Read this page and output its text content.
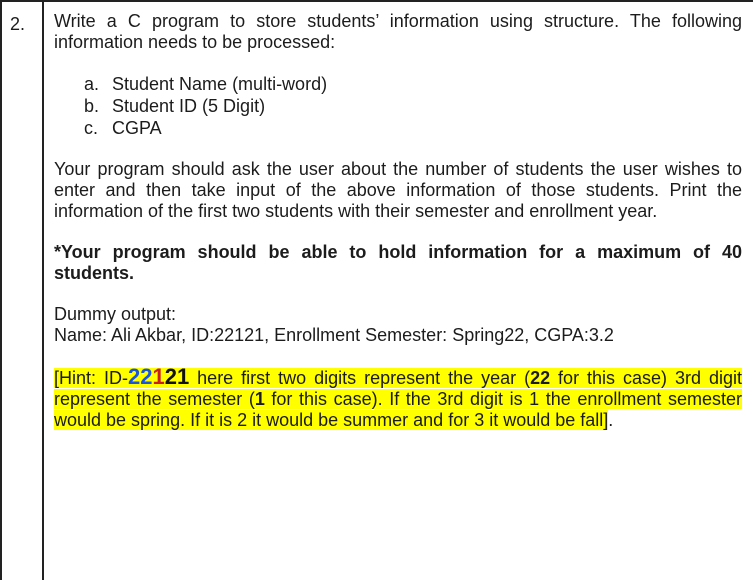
2. Write a C program to store students’ information using structure. The following information needs to be processed:

a. Student Name (multi-word)
b. Student ID (5 Digit)
c. CGPA

Your program should ask the user about the number of students the user wishes to enter and then take input of the above information of those students. Print the information of the first two students with their semester and enrollment year.

*Your program should be able to hold information for a maximum of 40 students.

Dummy output:

Name: Ali Akbar, ID:22121, Enrollment Semester: Spring22, CGPA:3.2

[Hint: ID-22121 here first two digits represent the year (22 for this case) 3rd digit represent the semester (1 for this case). If the 3rd digit is 1 the enrollment semester would be spring. If it is 2 it would be summer and for 3 it would be fall].
